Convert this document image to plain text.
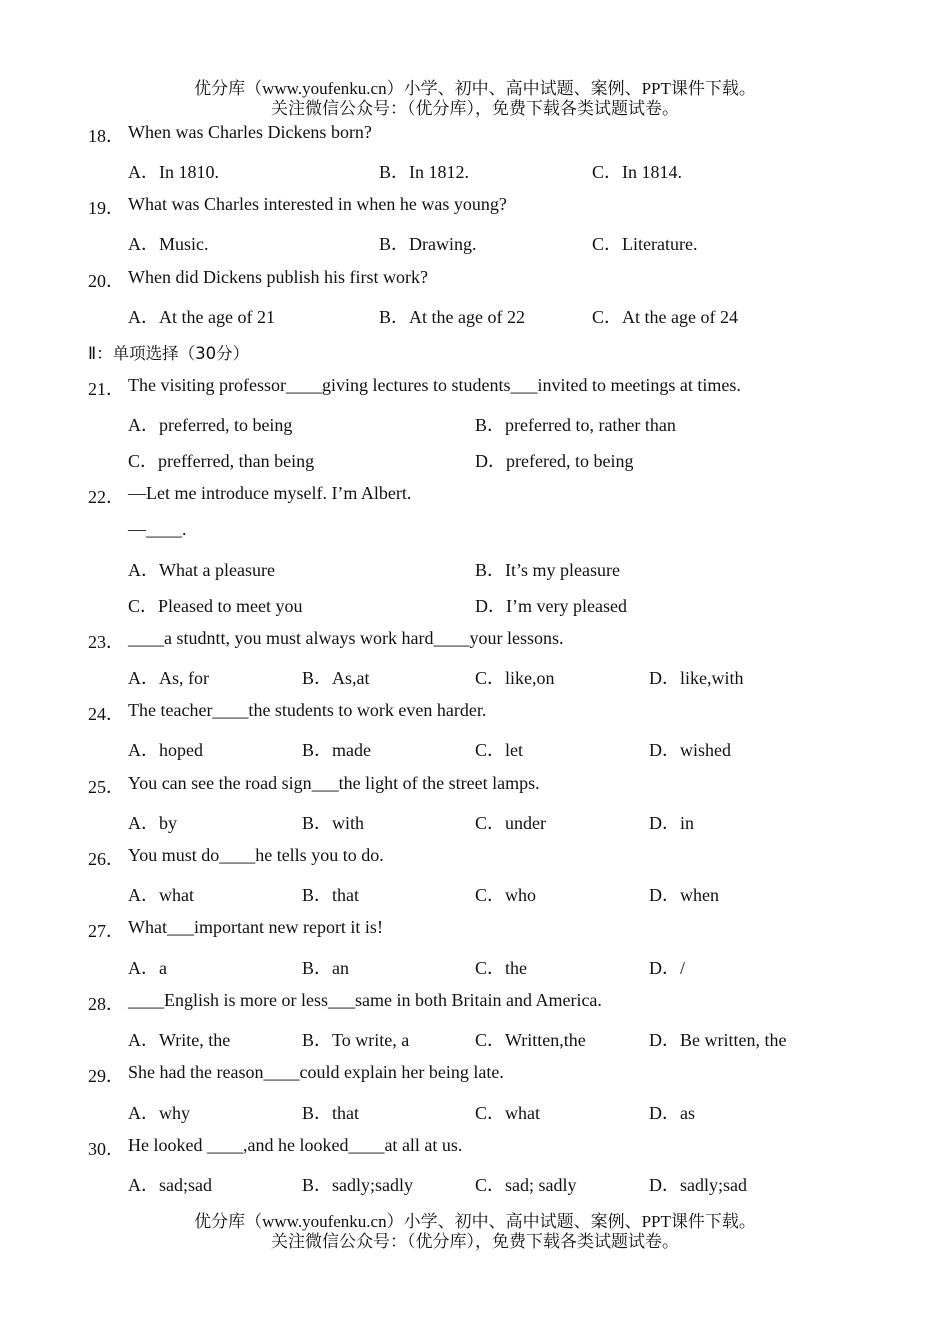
优分库（www.youfenku.cn）小学、初中、高中试题、案例、PPT课件下载。
关注微信公众号：（优分库），免费下载各类试题试卷。
18． When was Charles Dickens born?
A．In 1810.	B．In 1812.	C．In 1814.
19． What was Charles interested in when he was young?
A．Music.	B．Drawing.	C．Literature.
20． When did Dickens publish his first work?
A．At the age of 21	B．At the age of 22	C．At the age of 24
Ⅱ：单项选择（30分）
21． The visiting professor____giving lectures to students___invited to meetings at times.
A．preferred, to being	B．preferred to, rather than
C．prefferred, than being	D．prefered, to being
22． —Let me introduce myself. I’m Albert.
—____.
A．What a pleasure	B．It’s my pleasure
C．Pleased to meet you	D．I’m very pleased
23． ____a studntt, you must always work hard____your lessons.
A．As, for	B．As,at	C．like,on	D．like,with
24． The teacher____the students to work even harder.
A．hoped	B．made	C．let	D．wished
25． You can see the road sign___the light of the street lamps.
A．by	B．with	C．under	D．in
26． You must do____he tells you to do.
A．what	B．that	C．who	D．when
27． What___important new report it is!
A．a	B．an	C．the	D．/
28． ____English is more or less___same in both Britain and America.
A．Write, the	B．To write, a	C．Written,the	D．Be written, the
29． She had the reason____could explain her being late.
A．why	B．that	C．what	D．as
30． He looked ____,and he looked____at all at us.
A．sad;sad	B．sadly;sadly	C．sad; sadly	D．sadly;sad
优分库（www.youfenku.cn）小学、初中、高中试题、案例、PPT课件下载。
关注微信公众号：（优分库），免费下载各类试题试卷。
